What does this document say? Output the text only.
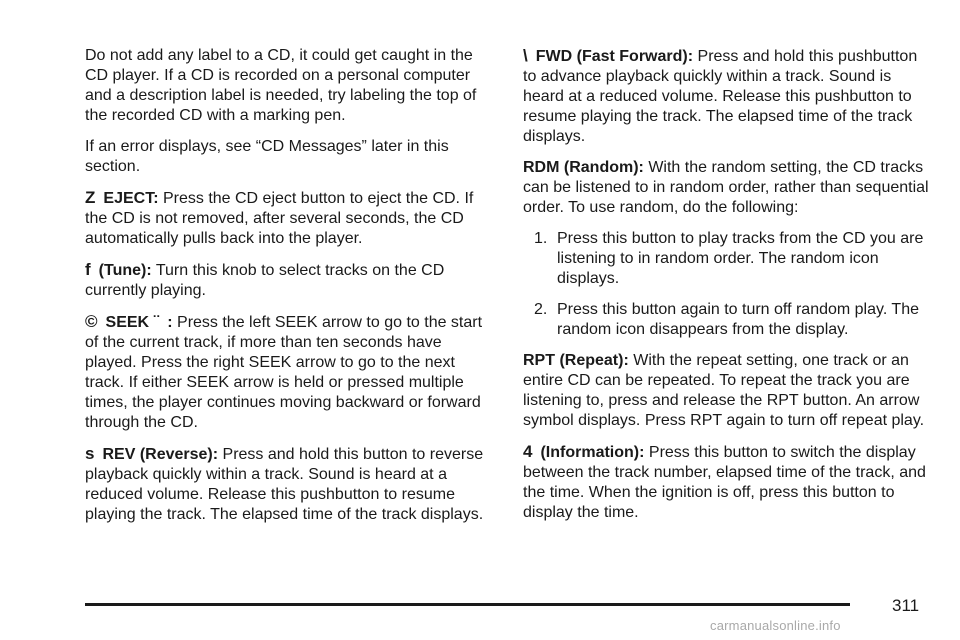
Do not add any label to a CD, it could get caught in the CD player. If a CD is recorded on a personal computer and a description label is needed, try labeling the top of the recorded CD with a marking pen.

If an error displays, see “CD Messages” later in this section.

Z EJECT: Press the CD eject button to eject the CD. If the CD is not removed, after several seconds, the CD automatically pulls back into the player.

f (Tune): Turn this knob to select tracks on the CD currently playing.

© SEEK ¨ : Press the left SEEK arrow to go to the start of the current track, if more than ten seconds have played. Press the right SEEK arrow to go to the next track. If either SEEK arrow is held or pressed multiple times, the player continues moving backward or forward through the CD.

s REV (Reverse): Press and hold this button to reverse playback quickly within a track. Sound is heard at a reduced volume. Release this pushbutton to resume playing the track. The elapsed time of the track displays.

\ FWD (Fast Forward): Press and hold this pushbutton to advance playback quickly within a track. Sound is heard at a reduced volume. Release this pushbutton to resume playing the track. The elapsed time of the track displays.

RDM (Random): With the random setting, the CD tracks can be listened to in random order, rather than sequential order. To use random, do the following:

1. Press this button to play tracks from the CD you are listening to in random order. The random icon displays.
2. Press this button again to turn off random play. The random icon disappears from the display.

RPT (Repeat): With the repeat setting, one track or an entire CD can be repeated. To repeat the track you are listening to, press and release the RPT button. An arrow symbol displays. Press RPT again to turn off repeat play.

4 (Information): Press this button to switch the display between the track number, elapsed time of the track, and the time. When the ignition is off, press this button to display the time.

311
carmanualsonline.info
